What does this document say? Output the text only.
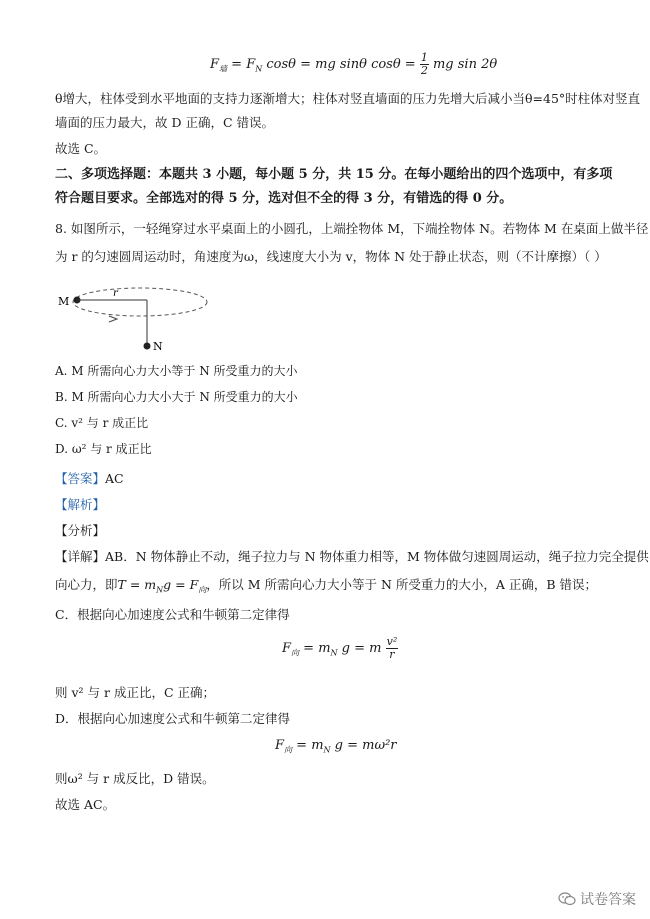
$F_墙 = F_N$ cosθ = mg sinθ $\cos\theta = \frac{1}{2}$ mg sin 2θ
θ增大，柱体受到水平地面的支持力逐渐增大；柱体对竖直墙面的压力先增大后减小当θ=45°时柱体对竖直
墙面的压力最大，故 D 正确，C 错误。
故选 C。
二、多项选择题：本题共 3 小题，每小题 5 分，共 15 分。在每小题给出的四个选项中，有多项
符合题目要求。全部选对的得 5 分，选对但不全的得 3 分，有错选的得 0 分。
8. 如图所示，一轻绳穿过水平桌面上的小圆孔，上端拴物体 M，下端拴物体 N。若物体 M 在桌面上做半径
为 r 的匀速圆周运动时，角速度为ω，线速度大小为 v，物体 N 处于静止状态，则（不计摩擦）（ ）
M
r
N
A. M 所需向心力大小等于 N 所受重力的大小
B. M 所需向心力大小大于 N 所受重力的大小
C. v² 与 r 成正比
D. ω² 与 r 成正比
【答案】AC
【解析】
【分析】
【详解】AB．N 物体静止不动，绳子拉力与 N 物体重力相等，M 物体做匀速圆周运动，绳子拉力完全提供
向心力，即$T = m_Ng = F_向$，所以 M 所需向心力大小等于 N 所受重力的大小，A 正确，B 错误；
C．根据向心加速度公式和牛顿第二定律得
$F_向 = m_N$ g = m $\frac{\text{v²}}{r}$
则 v² 与 r 成正比，C 正确；
D．根据向心加速度公式和牛顿第二定律得
$F_向 = m_N$ g = mω²r
则ω² 与 r 成反比，D 错误。
故选 AC。
试卷答案
